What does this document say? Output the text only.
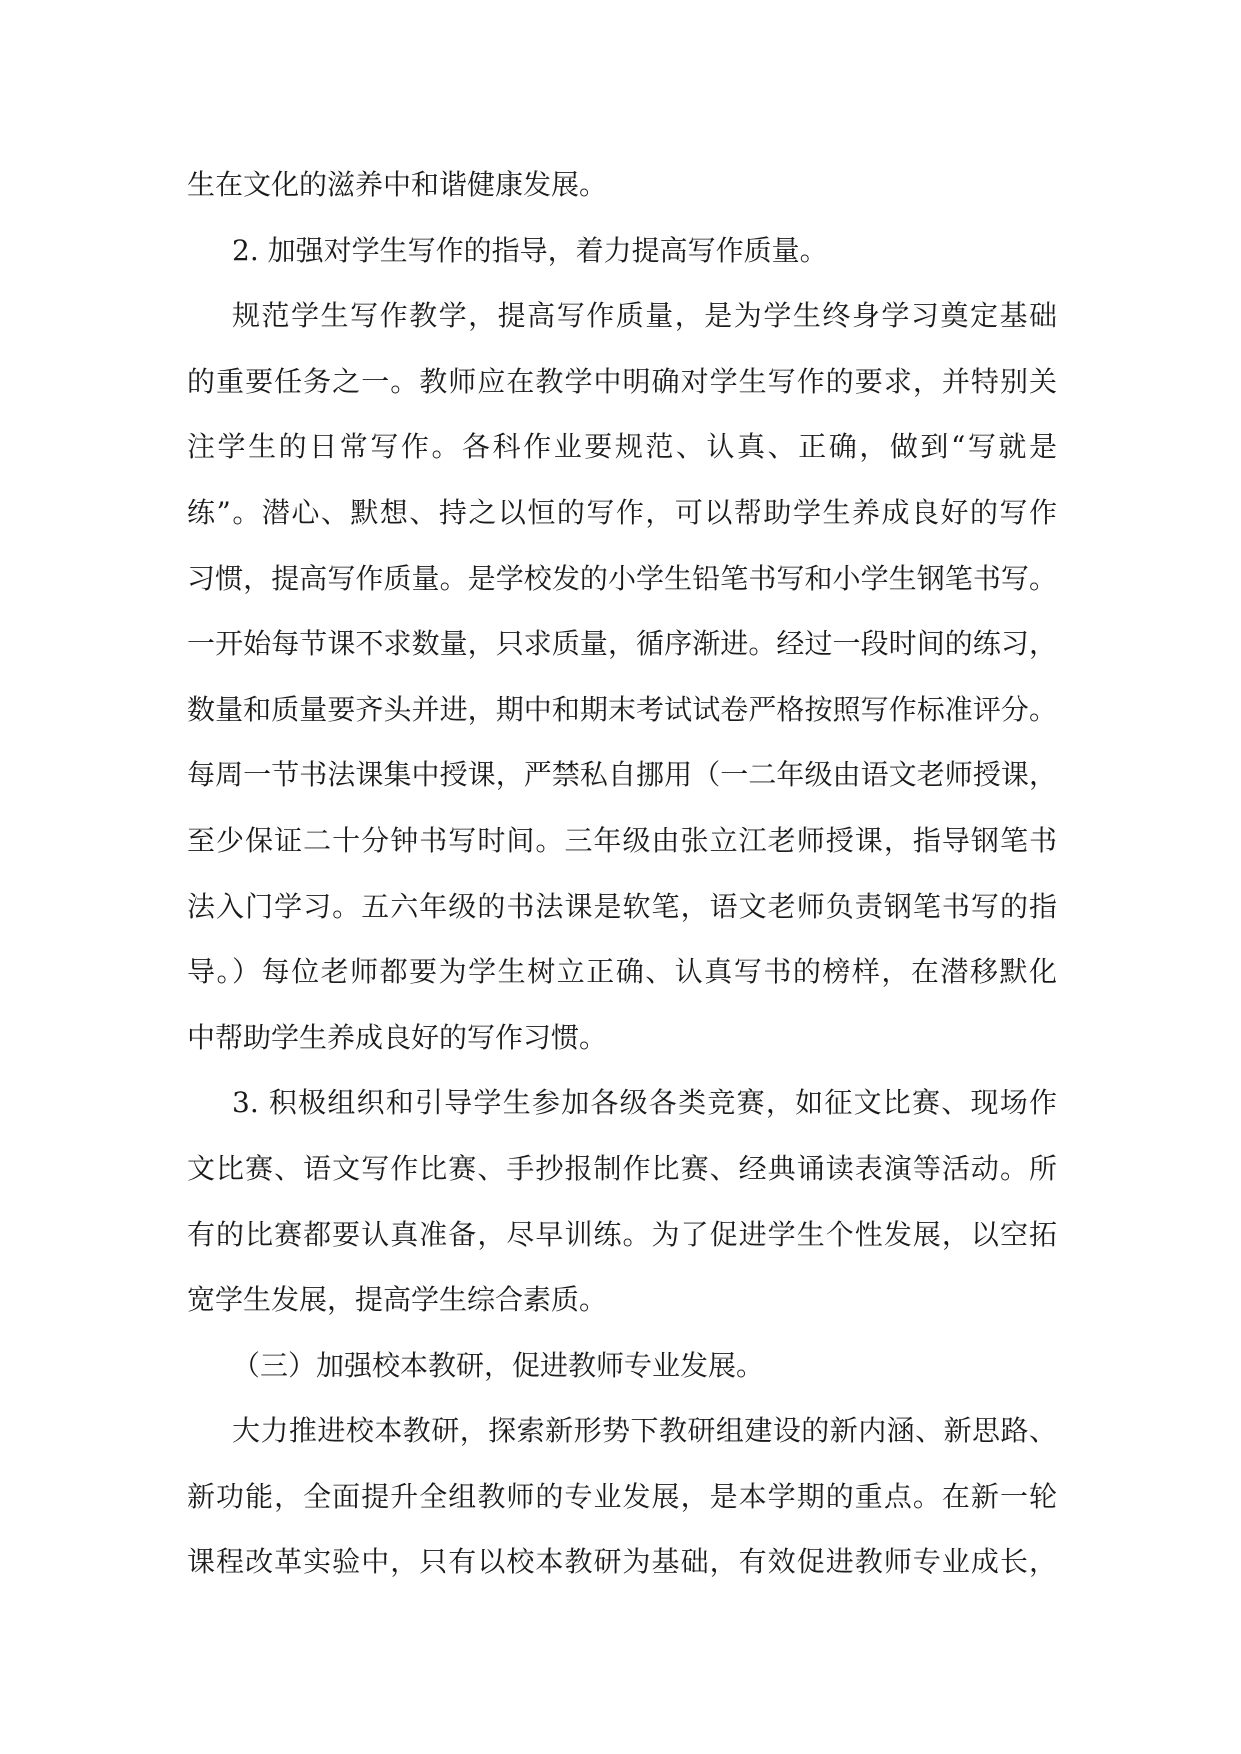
生在文化的滋养中和谐健康发展。
2. 加强对学生写作的指导，着力提高写作质量。
规范学生写作教学，提高写作质量，是为学生终身学习奠定基础
的重要任务之一。教师应在教学中明确对学生写作的要求，并特别关
注学生的日常写作。各科作业要规范、认真、正确，做到“写就是
练”。潜心、默想、持之以恒的写作，可以帮助学生养成良好的写作
习惯，提高写作质量。是学校发的小学生铅笔书写和小学生钢笔书写。
一开始每节课不求数量，只求质量，循序渐进。经过一段时间的练习，
数量和质量要齐头并进，期中和期末考试试卷严格按照写作标准评分。
每周一节书法课集中授课，严禁私自挪用（一二年级由语文老师授课，
至少保证二十分钟书写时间。三年级由张立江老师授课，指导钢笔书
法入门学习。五六年级的书法课是软笔，语文老师负责钢笔书写的指
导。）每位老师都要为学生树立正确、认真写书的榜样，在潜移默化
中帮助学生养成良好的写作习惯。
3. 积极组织和引导学生参加各级各类竞赛，如征文比赛、现场作
文比赛、语文写作比赛、手抄报制作比赛、经典诵读表演等活动。所
有的比赛都要认真准备，尽早训练。为了促进学生个性发展，以空拓
宽学生发展，提高学生综合素质。
（三）加强校本教研，促进教师专业发展。
大力推进校本教研，探索新形势下教研组建设的新内涵、新思路、
新功能，全面提升全组教师的专业发展，是本学期的重点。在新一轮
课程改革实验中，只有以校本教研为基础，有效促进教师专业成长，
